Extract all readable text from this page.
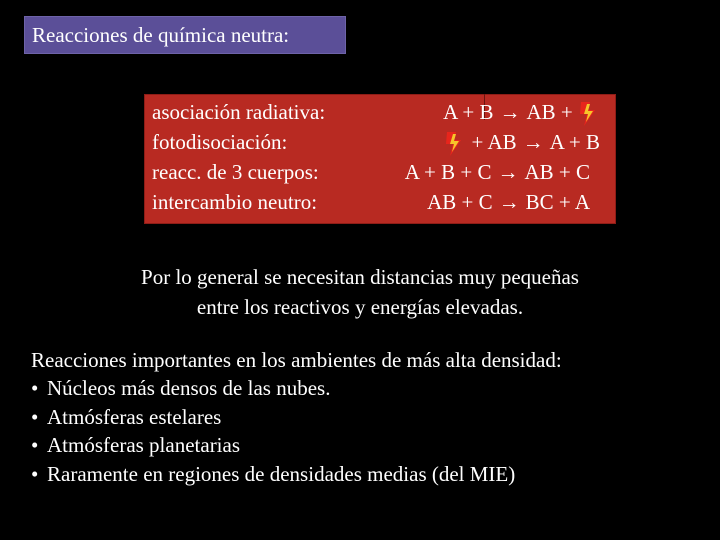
Reacciones de química neutra:
asociación radiativa:	A + B → AB +
fotodisociación:	+ AB → A + B
reacc. de 3 cuerpos:	A + B + C → AB + C
intercambio neutro:	AB + C → BC + A
Por lo general se necesitan distancias muy pequeñas
entre los reactivos y energías elevadas.
Reacciones importantes en los ambientes de más alta densidad:
• Núcleos más densos de las nubes.
• Atmósferas estelares
• Atmósferas planetarias
• Raramente en regiones de densidades medias (del MIE)
